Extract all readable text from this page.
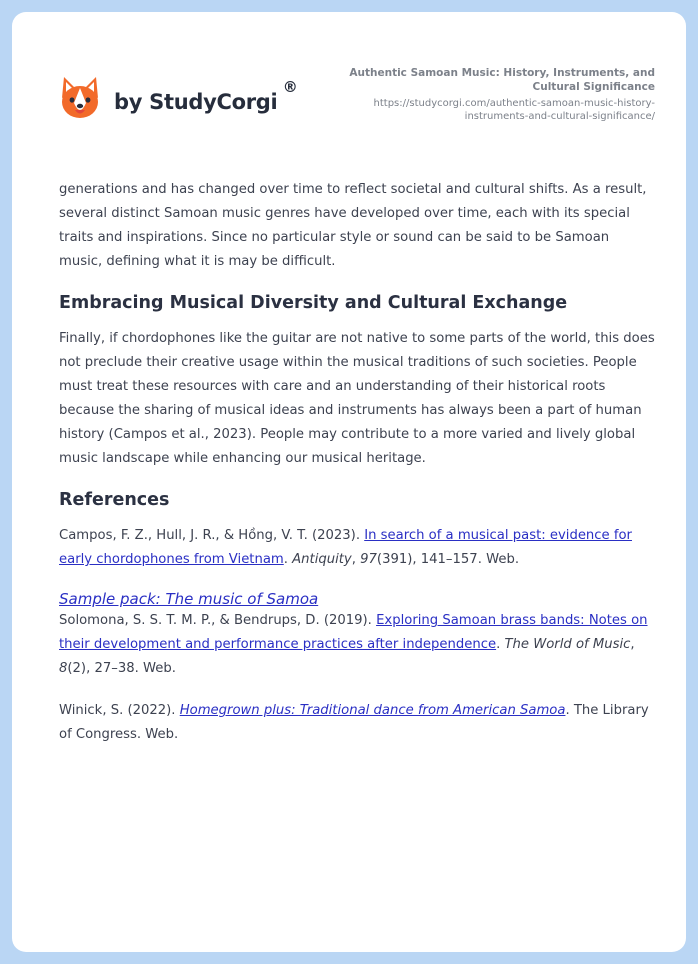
by StudyCorgi
®
Authentic Samoan Music: History, Instruments, and Cultural Significance
https://studycorgi.com/authentic-samoan-music-history-instruments-and-cultural-significance/

generations and has changed over time to reflect societal and cultural shifts. As a result, several distinct Samoan music genres have developed over time, each with its special traits and inspirations. Since no particular style or sound can be said to be Samoan music, defining what it is may be difficult.

Embracing Musical Diversity and Cultural Exchange

Finally, if chordophones like the guitar are not native to some parts of the world, this does not preclude their creative usage within the musical traditions of such societies. People must treat these resources with care and an understanding of their historical roots because the sharing of musical ideas and instruments has always been a part of human history (Campos et al., 2023). People may contribute to a more varied and lively global music landscape while enhancing our musical heritage.

References

Campos, F. Z., Hull, J. R., & Hồng, V. T. (2023). In search of a musical past: evidence for early chordophones from Vietnam. Antiquity, 97(391), 141–157. Web.

Sample pack: The music of Samoa

Solomona, S. S. T. M. P., & Bendrups, D. (2019). Exploring Samoan brass bands: Notes on their development and performance practices after independence. The World of Music, 8(2), 27–38. Web.

Winick, S. (2022). Homegrown plus: Traditional dance from American Samoa. The Library of Congress. Web.
